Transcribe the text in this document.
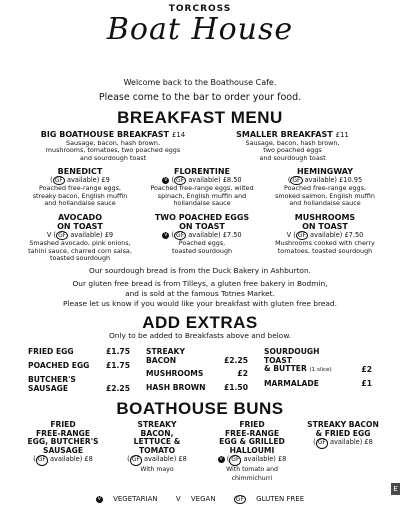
TORCROSS
Boat House
Welcome back to the Boathouse Cafe.
Please come to the bar to order your food.
BREAKFAST MENU
BIG BOATHOUSE BREAKFAST £14
Sausage, bacon, hash brown,
mushrooms, tomatoes, two poached eggs
and sourdough toast
SMALLER BREAKFAST £11
Sausage, bacon, hash brown,
two poached eggs
and sourdough toast
BENEDICT
( GF available) £9
Poached free-range eggs,
streaky bacon, English muffin
and hollandaise sauce
FLORENTINE
V ( GF available) £8.50
Poached free-range eggs, wilted
spinach, English muffin and
hollandaise sauce
HEMINGWAY
( GF available) £10.95
Poached free-range eggs,
smoked salmon, English muffin
and hollandaise sauce
AVOCADO
ON TOAST
V ( GF available) £9
Smashed avocado, pink onions,
tahini sauce, charred corn salsa,
toasted sourdough
TWO POACHED EGGS
ON TOAST
V ( GF available) £7.50
Poached eggs,
toasted sourdough
MUSHROOMS
ON TOAST
V ( GF available) £7.50
Mushrooms cooked with cherry
tomatoes, toasted sourdough
Our sourdough bread is from the Duck Bakery in Ashburton.
Our gluten free bread is from Tilleys, a gluten free bakery in Bodmin,
and is sold at the famous Totnes Market.
Please let us know if you would like your breakfast with gluten free bread.
ADD EXTRAS
Only to be added to Breakfasts above and below.
FRIED EGG	£1.75
POACHED EGG £1.75
BUTCHER'S
SAUSAGE	£2.25
STREAKY
BACON	£2.25
MUSHROOMS	£2
HASH BROWN £1.50
SOURDOUGH
TOAST
& BUTTER (1 slice)	£2
MARMALADE	£1
BOATHOUSE BUNS
FRIED
FREE-RANGE
EGG, BUTCHER'S
SAUSAGE
( GF available) £8
STREAKY
BACON,
LETTUCE &
TOMATO
( GF available) £8
With mayo
FRIED
FREE-RANGE
EGG & GRILLED
HALLOUMI
V ( GF available) £8
With tomato and chimmichurri
STREAKY BACON
& FRIED EGG
( GF available) £8
V VEGETARIAN	V VEGAN	GF GLUTEN FREE
E
